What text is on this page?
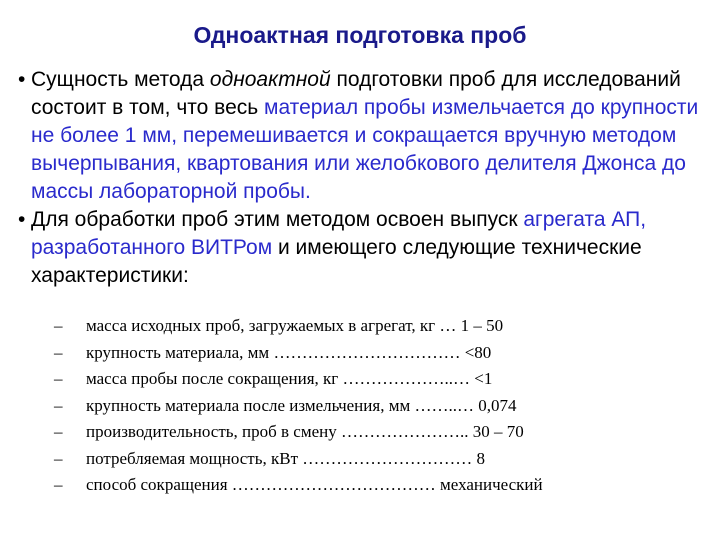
Одноактная подготовка проб
• Сущность метода одноактной подготовки проб для исследований состоит в том, что весь материал пробы измельчается до крупности не более 1 мм, перемешивается и сокращается вручную методом вычерпывания, квартования или желобкового делителя Джонса до массы лабораторной пробы.
• Для обработки проб этим методом освоен выпуск агрегата АП, разработанного ВИТРом и имеющего следующие технические характеристики:
– масса исходных проб, загружаемых в агрегат, кг … 1 – 50
– крупность материала, мм …………………………… <80
– масса пробы после сокращения, кг ………………..… <1
– крупность материала после измельчения, мм ……..… 0,074
– производительность, проб в смену ………………….. 30 – 70
– потребляемая мощность, кВт ………………………… 8
– способ сокращения ……………………………… механический
